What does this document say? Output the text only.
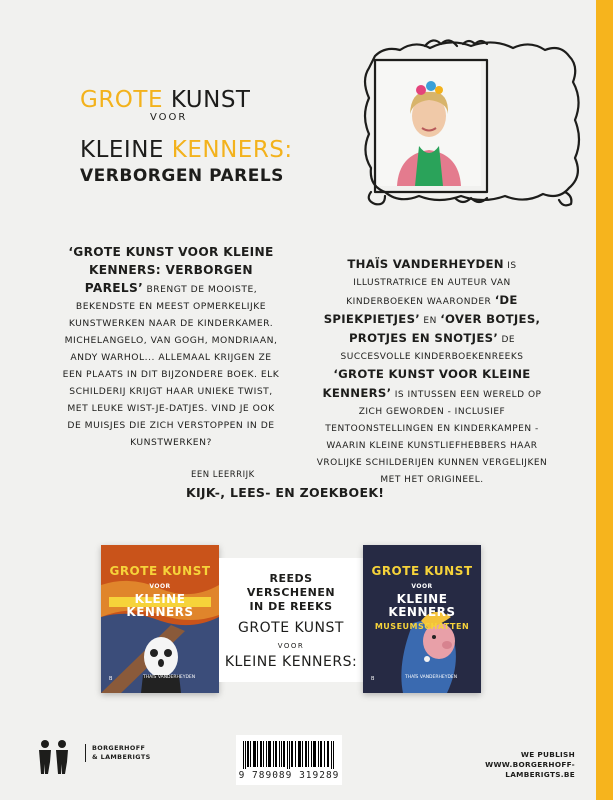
GROTE KUNST
VOOR
KLEINE KENNERS:
VERBORGEN PARELS
‘GROTE KUNST VOOR KLEINE KENNERS: VERBORGEN PARELS’ BRENGT DE MOOISTE, BEKENDSTE EN MEEST OPMERKELIJKE KUNSTWERKEN NAAR DE KINDERKAMER. MICHELANGELO, VAN GOGH, MONDRIAAN, ANDY WARHOL... ALLEMAAL KRIJGEN ZE EEN PLAATS IN DIT BIJZONDERE BOEK. ELK SCHILDERIJ KRIJGT HAAR UNIEKE TWIST, MET LEUKE WIST-JE-DATJES. VIND JE OOK DE MUISJES DIE ZICH VERSTOPPEN IN DE KUNSTWERKEN?
THAÏS VANDERHEYDEN IS ILLUSTRATRICE EN AUTEUR VAN KINDERBOEKEN WAARONDER ‘DE SPIEKPIETJES’ EN ‘OVER BOTJES, PROTJES EN SNOTJES’ DE SUCCESVOLLE KINDERBOEKENREEKS ‘GROTE KUNST VOOR KLEINE KENNERS’ IS INTUSSEN EEN WERELD OP ZICH GEWORDEN - INCLUSIEF TENTOONSTELLINGEN EN KINDERKAMPEN - WAARIN KLEINE KUNSTLIEFHEBBERS HAAR VROLIJKE SCHILDERIJEN KUNNEN VERGELIJKEN MET HET ORIGINEEL.
EEN LEERRIJK
KIJK-, LEES- EN ZOEKBOEK!
GROTE KUNST
VOOR
KLEINE KENNERS
B	THAÏS VANDERHEYDEN
REEDS
VERSCHENEN
IN DE REEKS
GROTE KUNST
VOOR
KLEINE KENNERS:
GROTE KUNST
VOOR
KLEINE KENNERS
MUSEUMSCHATTEN
B	THAÏS VANDERHEYDEN
BORGERHOFF
& LAMBERIGTS
9 789089 319289
WE PUBLISH
WWW.BORGERHOFF-LAMBERIGTS.BE
